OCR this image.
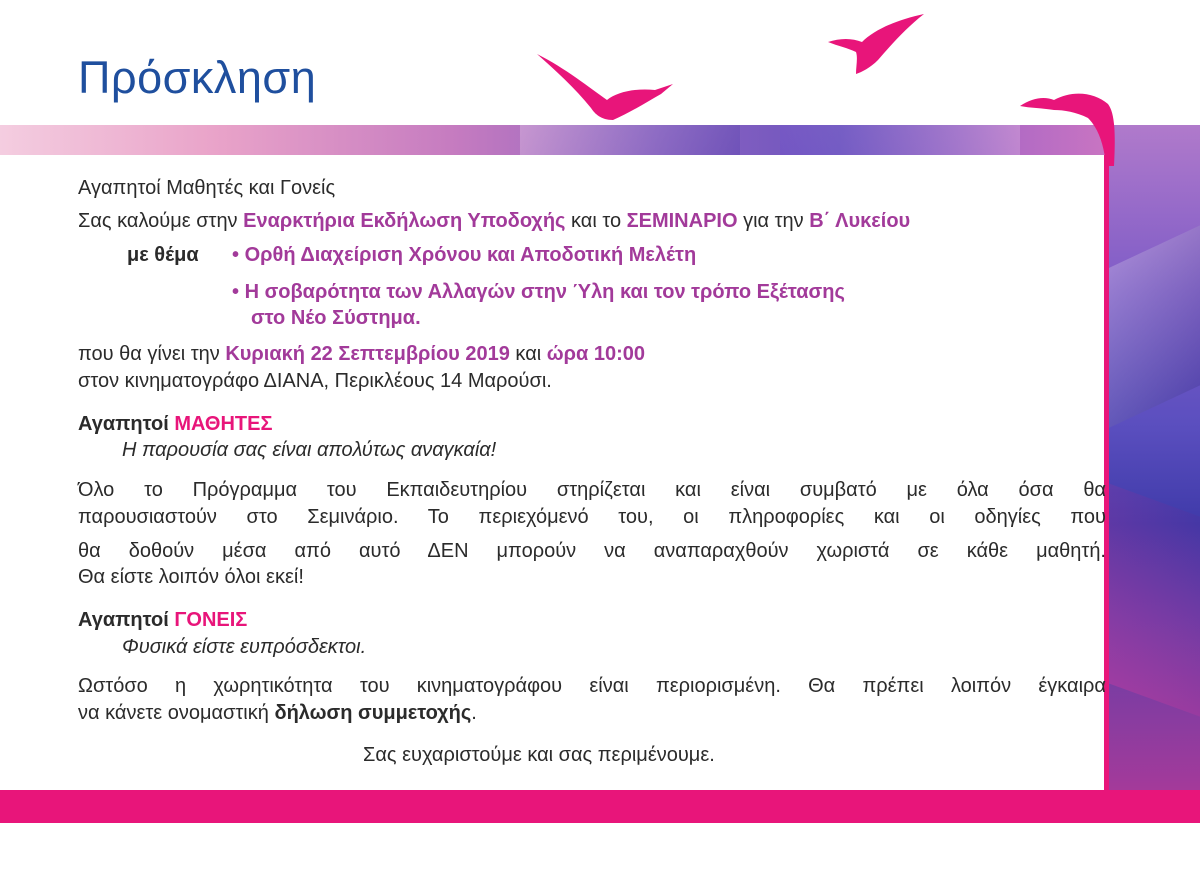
Πρόσκληση

Αγαπητοί Μαθητές και Γονείς

Σας καλούμε στην Εναρκτήρια Εκδήλωση Υποδοχής και το ΣΕΜΙΝΑΡΙΟ για την Β΄ Λυκείου

με θέμα • Ορθή Διαχείριση Χρόνου και Αποδοτική Μελέτη

• Η σοβαρότητα των Αλλαγών στην Ύλη και τον τρόπο Εξέτασης

στο Νέο Σύστημα.

που θα γίνει την Κυριακή 22 Σεπτεμβρίου 2019 και ώρα 10:00

στον κινηματογράφο ΔΙΑΝΑ, Περικλέους 14 Μαρούσι.

Αγαπητοί ΜΑΘΗΤΕΣ

Η παρουσία σας είναι απολύτως αναγκαία!

Όλο το Πρόγραμμα του Εκπαιδευτηρίου στηρίζεται και είναι συμβατό με όλα όσα θα

παρουσιαστούν στο Σεμινάριο. Το περιεχόμενό του, οι πληροφορίες και οι οδηγίες που

θα δοθούν μέσα από αυτό ΔΕΝ μπορούν να αναπαραχθούν χωριστά σε κάθε μαθητή.

Θα είστε λοιπόν όλοι εκεί!

Αγαπητοί ΓΟΝΕΙΣ

Φυσικά είστε ευπρόσδεκτοι.

Ωστόσο η χωρητικότητα του κινηματογράφου είναι περιορισμένη. Θα πρέπει λοιπόν έγκαιρα

να κάνετε ονομαστική δήλωση συμμετοχής.

Σας ευχαριστούμε και σας περιμένουμε.
